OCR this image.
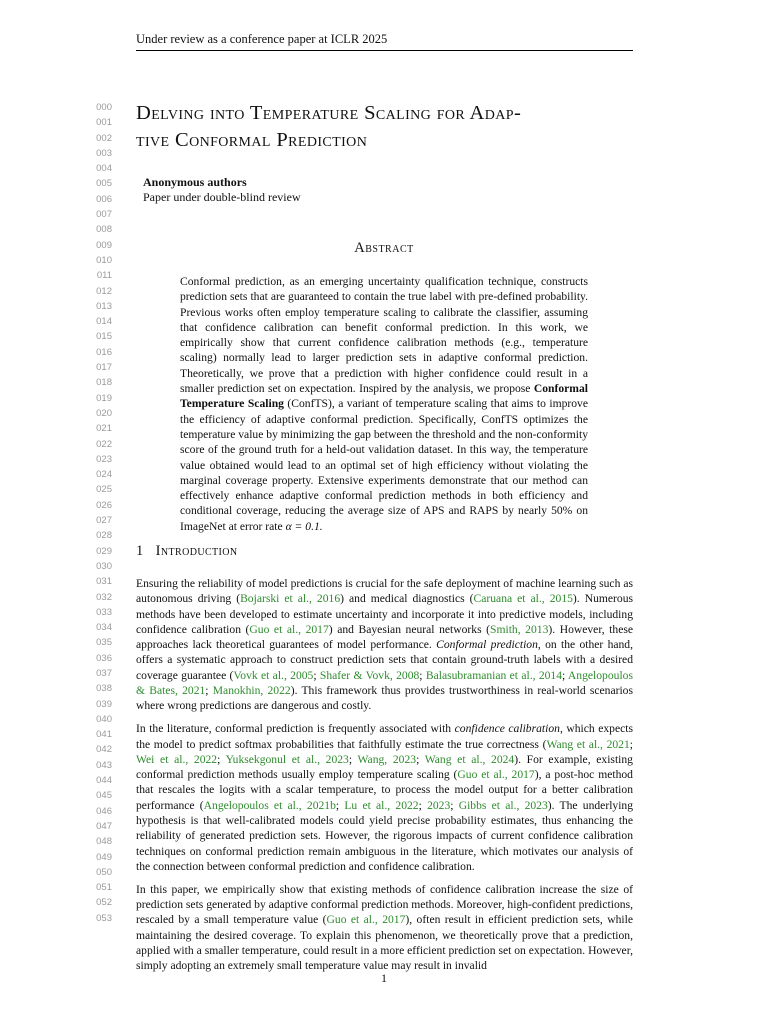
Under review as a conference paper at ICLR 2025
000
001
002
003
004
005
006
007
008
009
010
011
012
013
014
015
016
017
018
019
020
021
022
023
024
025
026
027
028
029
030
031
032
033
034
035
036
037
038
039
040
041
042
043
044
045
046
047
048
049
050
051
052
053
Delving into Temperature Scaling for Adap-
tive Conformal Prediction
Anonymous authors
Paper under double-blind review
Abstract
Conformal prediction, as an emerging uncertainty qualification technique, constructs prediction sets that are guaranteed to contain the true label with pre-defined probability. Previous works often employ temperature scaling to calibrate the classifier, assuming that confidence calibration can benefit conformal prediction. In this work, we empirically show that current confidence calibration methods (e.g., temperature scaling) normally lead to larger prediction sets in adaptive conformal prediction. Theoretically, we prove that a prediction with higher confidence could result in a smaller prediction set on expectation. Inspired by the analysis, we propose Conformal Temperature Scaling (ConfTS), a variant of temperature scaling that aims to improve the efficiency of adaptive conformal prediction. Specifically, ConfTS optimizes the temperature value by minimizing the gap between the threshold and the non-conformity score of the ground truth for a held-out validation dataset. In this way, the temperature value obtained would lead to an optimal set of high efficiency without violating the marginal coverage property. Extensive experiments demonstrate that our method can effectively enhance adaptive conformal prediction methods in both efficiency and conditional coverage, reducing the average size of APS and RAPS by nearly 50% on ImageNet at error rate α = 0.1.
1 Introduction

Ensuring the reliability of model predictions is crucial for the safe deployment of machine learning such as autonomous driving (Bojarski et al., 2016) and medical diagnostics (Caruana et al., 2015). Numerous methods have been developed to estimate uncertainty and incorporate it into predictive models, including confidence calibration (Guo et al., 2017) and Bayesian neural networks (Smith, 2013). However, these approaches lack theoretical guarantees of model performance. Conformal prediction, on the other hand, offers a systematic approach to construct prediction sets that contain ground-truth labels with a desired coverage guarantee (Vovk et al., 2005; Shafer & Vovk, 2008; Balasubramanian et al., 2014; Angelopoulos & Bates, 2021; Manokhin, 2022). This framework thus provides trustworthiness in real-world scenarios where wrong predictions are dangerous and costly.

In the literature, conformal prediction is frequently associated with confidence calibration, which expects the model to predict softmax probabilities that faithfully estimate the true correctness (Wang et al., 2021; Wei et al., 2022; Yuksekgonul et al., 2023; Wang, 2023; Wang et al., 2024). For example, existing conformal prediction methods usually employ temperature scaling (Guo et al., 2017), a post-hoc method that rescales the logits with a scalar temperature, to process the model output for a better calibration performance (Angelopoulos et al., 2021b; Lu et al., 2022; 2023; Gibbs et al., 2023). The underlying hypothesis is that well-calibrated models could yield precise probability estimates, thus enhancing the reliability of generated prediction sets. However, the rigorous impacts of current confidence calibration techniques on conformal prediction remain ambiguous in the literature, which motivates our analysis of the connection between conformal prediction and confidence calibration.

In this paper, we empirically show that existing methods of confidence calibration increase the size of prediction sets generated by adaptive conformal prediction methods. Moreover, high-confident predictions, rescaled by a small temperature value (Guo et al., 2017), often result in efficient prediction sets, while maintaining the desired coverage. To explain this phenomenon, we theoretically prove that a prediction, applied with a smaller temperature, could result in a more efficient prediction set on expectation. However, simply adopting an extremely small temperature value may result in invalid

1
